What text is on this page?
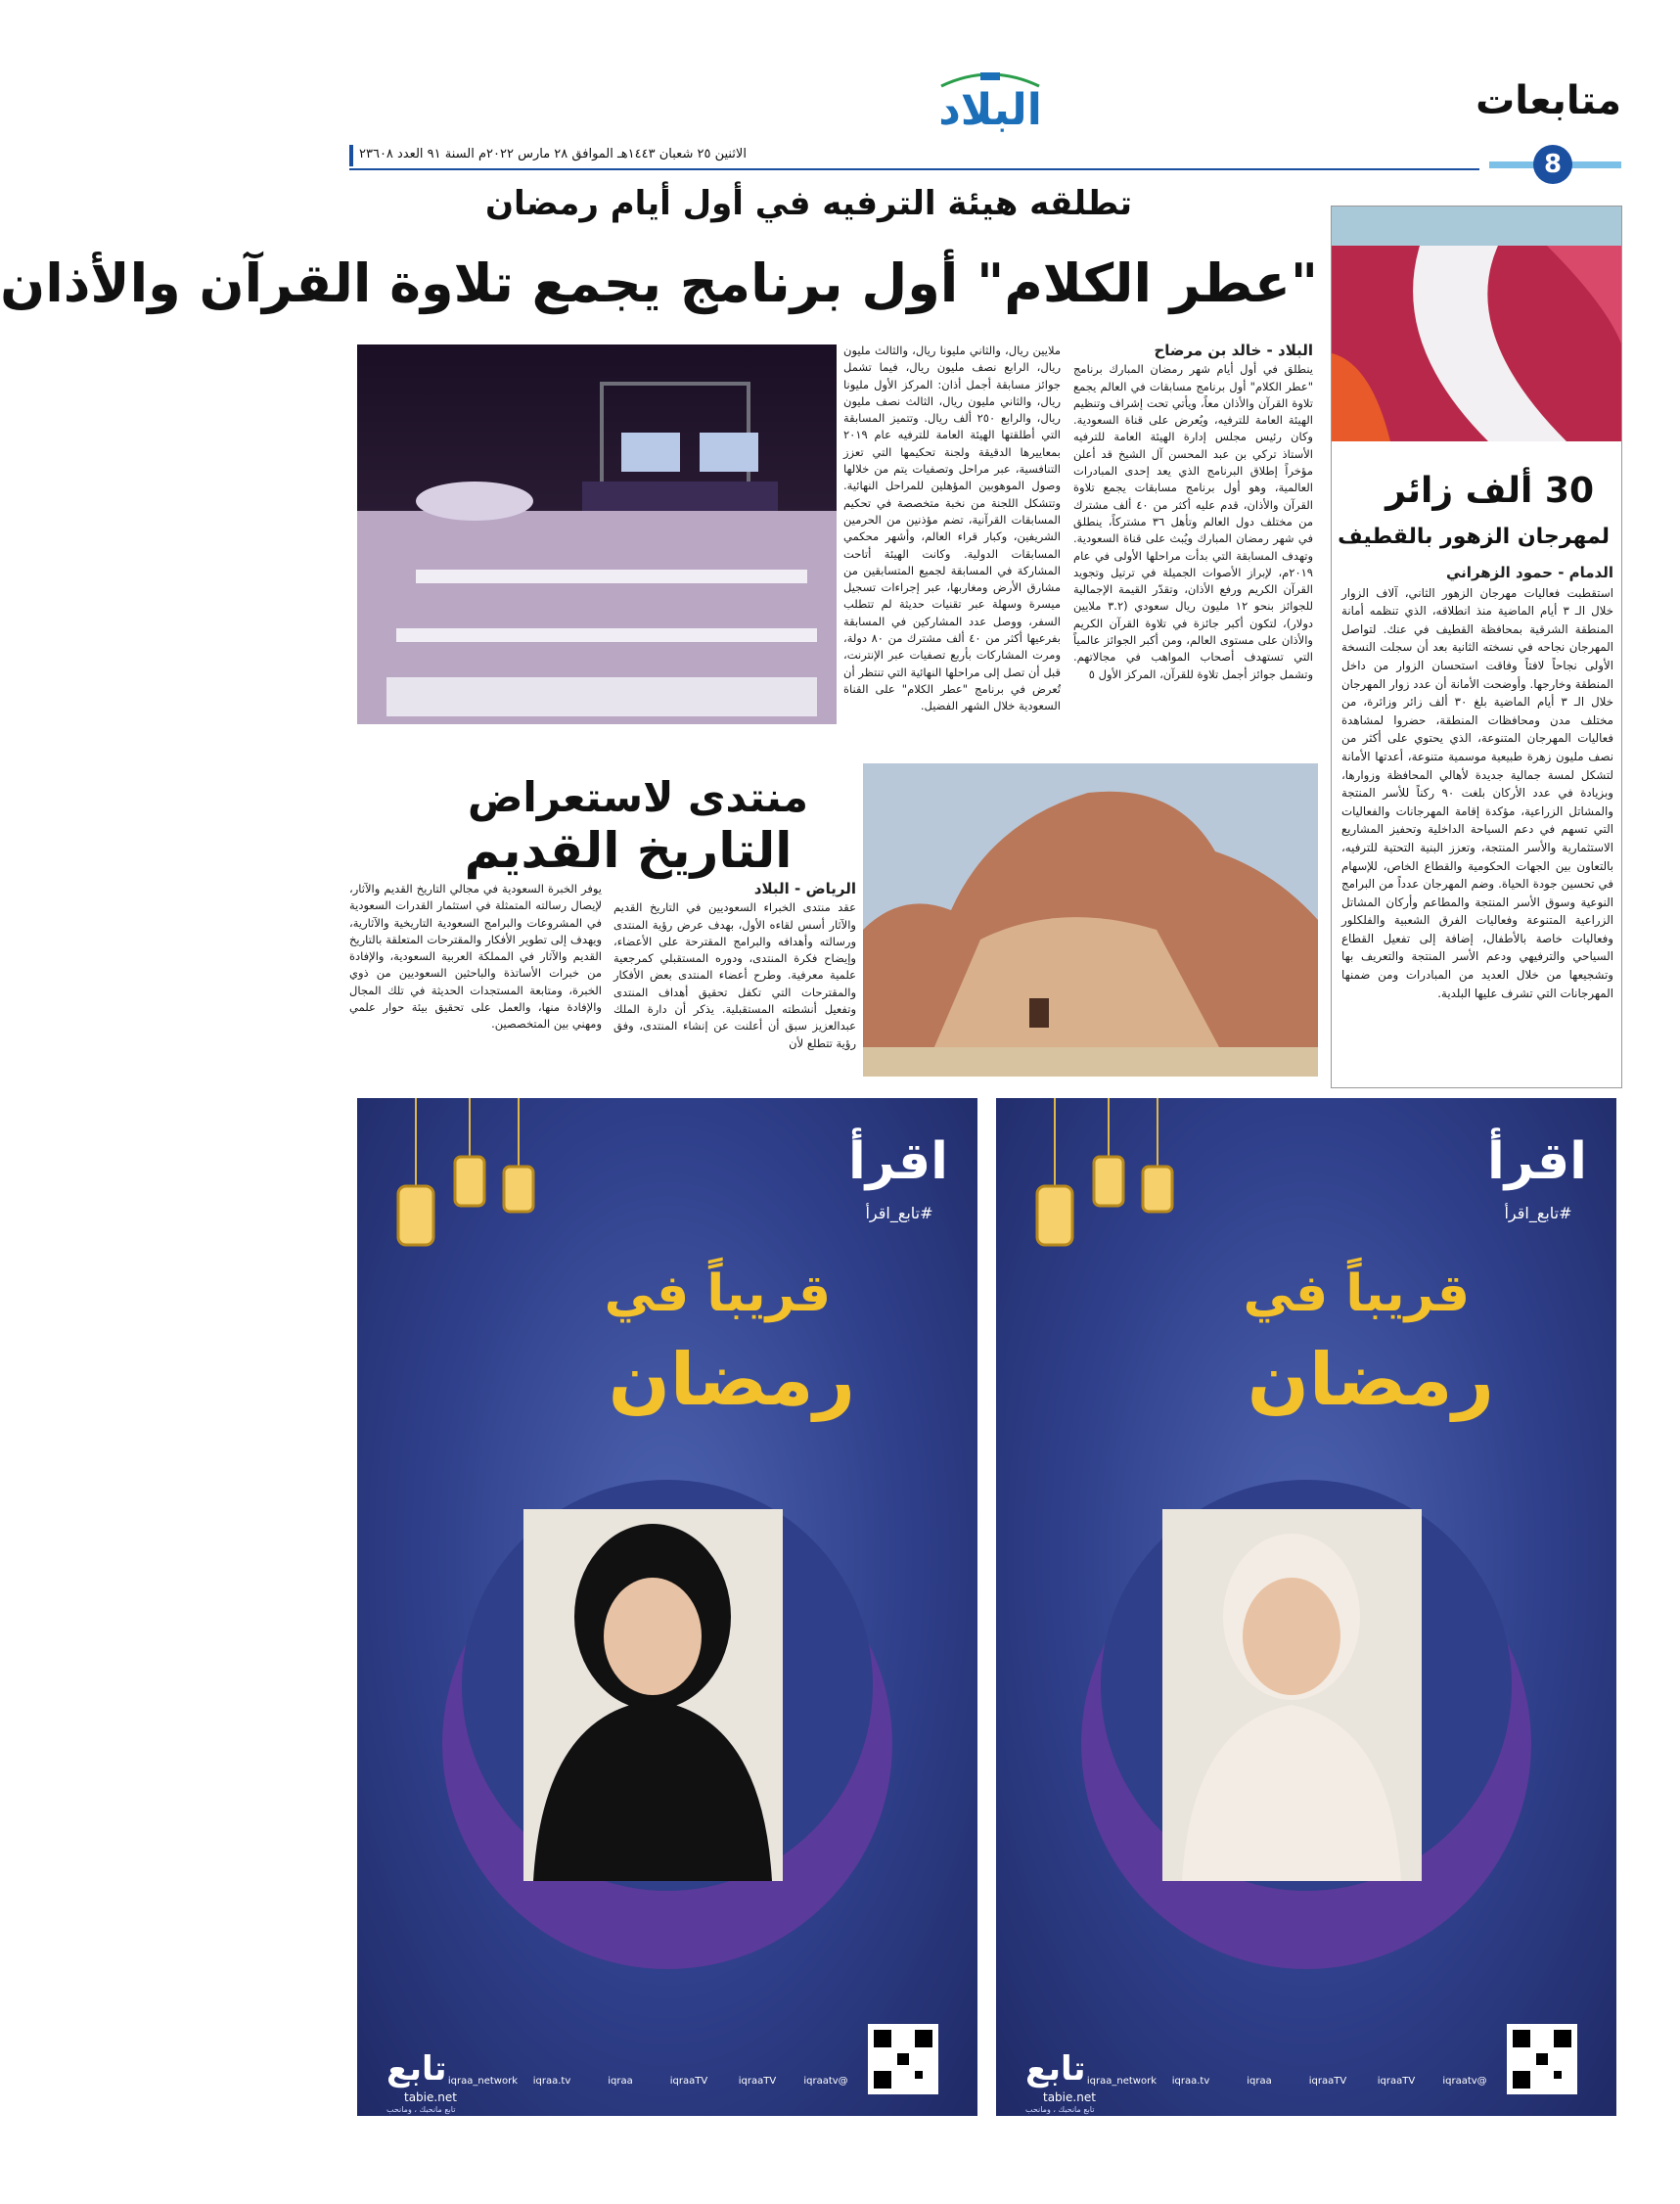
متابعات
8
البلاد
الاثنين ٢٥ شعبان ١٤٤٣هـ الموافق ٢٨ مارس ٢٠٢٢م السنة ٩١ العدد ٢٣٦٠٨
تطلقه هيئة الترفيه في أول أيام رمضان
"عطر الكلام" أول برنامج يجمع تلاوة القرآن والأذان
البلاد - خالد بن مرضاح
ينطلق في أول أيام شهر رمضان المبارك برنامج "عطر الكلام" أول برنامج مسابقات في العالم يجمع تلاوة القرآن والأذان معاً، ويأتي تحت إشراف وتنظيم الهيئة العامة للترفيه، ويُعرض على قناة السعودية. وكان رئيس مجلس إدارة الهيئة العامة للترفيه الأستاذ تركي بن عبد المحسن آل الشيخ قد أعلن مؤخراً إطلاق البرنامج الذي يعد إحدى المبادرات العالمية، وهو أول برنامج مسابقات يجمع تلاوة القرآن والأذان، قدم عليه أكثر من ٤٠ ألف مشترك من مختلف دول العالم وتأهل ٣٦ مشتركاً، ينطلق في شهر رمضان المبارك ويُبث على قناة السعودية. وتهدف المسابقة التي بدأت مراحلها الأولى في عام ٢٠١٩م، لإبراز الأصوات الجميلة في ترتيل وتجويد القرآن الكريم ورفع الأذان، وتقدّر القيمة الإجمالية للجوائز بنحو ١٢ مليون ريال سعودي (٣.٢ ملايين دولار)، لتكون أكبر جائزة في تلاوة القرآن الكريم والأذان على مستوى العالم، ومن أكبر الجوائز عالمياً التي تستهدف أصحاب المواهب في مجالاتهم. وتشمل جوائز أجمل تلاوة للقرآن، المركز الأول ٥
ملايين ريال، والثاني مليونا ريال، والثالث مليون ريال، الرابع نصف مليون ريال، فيما تشمل جوائز مسابقة أجمل أذان: المركز الأول مليونا ريال، والثاني مليون ريال، الثالث نصف مليون ريال، والرابع ٢٥٠ ألف ريال. وتتميز المسابقة التي أطلقتها الهيئة العامة للترفيه عام ٢٠١٩ بمعاييرها الدقيقة ولجنة تحكيمها التي تعزز التنافسية، عبر مراحل وتصفيات يتم من خلالها وصول الموهوبين المؤهلين للمراحل النهائية. وتتشكل اللجنة من نخبة متخصصة في تحكيم المسابقات القرآنية، تضم مؤذنين من الحرمين الشريفين، وكبار قراء العالم، وأشهر محكمي المسابقات الدولية. وكانت الهيئة أتاحت المشاركة في المسابقة لجميع المتسابقين من مشارق الأرض ومغاربها، عبر إجراءات تسجيل ميسرة وسهلة عبر تقنيات حديثة لم تتطلب السفر، ووصل عدد المشاركين في المسابقة بفرعيها أكثر من ٤٠ ألف مشترك من ٨٠ دولة، ومرت المشاركات بأربع تصفيات عبر الإنترنت، قبل أن تصل إلى مراحلها النهائية التي تنتظر أن تُعرض في برنامج "عطر الكلام" على القناة السعودية خلال الشهر الفضيل.
30 ألف زائر
لمهرجان الزهور بالقطيف
الدمام - حمود الزهراني
استقطبت فعاليات مهرجان الزهور الثاني، آلاف الزوار خلال الـ ٣ أيام الماضية منذ انطلاقه، الذي تنظمه أمانة المنطقة الشرقية بمحافظة القطيف في عنك. لتواصل المهرجان نجاحه في نسخته الثانية بعد أن سجلت النسخة الأولى نجاحاً لافتاً وفاقت استحسان الزوار من داخل المنطقة وخارجها. وأوضحت الأمانة أن عدد زوار المهرجان خلال الـ ٣ أيام الماضية بلغ ٣٠ ألف زائر وزائرة، من مختلف مدن ومحافظات المنطقة، حضروا لمشاهدة فعاليات المهرجان المتنوعة، الذي يحتوي على أكثر من نصف مليون زهرة طبيعية موسمية متنوعة، أعدتها الأمانة لتشكل لمسة جمالية جديدة لأهالي المحافظة وزوارها، وبزيادة في عدد الأركان بلغت ٩٠ ركناً للأسر المنتجة والمشاتل الزراعية، مؤكدة إقامة المهرجانات والفعاليات التي تسهم في دعم السياحة الداخلية وتحفيز المشاريع الاستثمارية والأسر المنتجة، وتعزز البنية التحتية للترفيه، بالتعاون بين الجهات الحكومية والقطاع الخاص، للإسهام في تحسين جودة الحياة. وضم المهرجان عدداً من البرامج النوعية وسوق الأسر المنتجة والمطاعم وأركان المشاتل الزراعية المتنوعة وفعاليات الفرق الشعبية والفلكلور وفعاليات خاصة بالأطفال، إضافة إلى تفعيل القطاع السياحي والترفيهي ودعم الأسر المنتجة والتعريف بها وتشجيعها من خلال العديد من المبادرات ومن ضمنها المهرجانات التي تشرف عليها البلدية.
منتدى لاستعراض
التاريخ القديم
الرياض - البلاد
عقد منتدى الخبراء السعوديين في التاريخ القديم والآثار أسس لقاءه الأول، بهدف عرض رؤية المنتدى ورسالته وأهدافه والبرامج المقترحة على الأعضاء، وإيضاح فكرة المنتدى، ودوره المستقبلي كمرجعية علمية معرفية. وطرح أعضاء المنتدى بعض الأفكار والمقترحات التي تكفل تحقيق أهداف المنتدى وتفعيل أنشطته المستقبلية. يذكر أن دارة الملك عبدالعزيز سبق أن أعلنت عن إنشاء المنتدى، وفق رؤية تتطلع لأن
يوفر الخبرة السعودية في مجالي التاريخ القديم والآثار، لإيصال رسالته المتمثلة في استثمار القدرات السعودية في المشروعات والبرامج السعودية التاريخية والآثارية، ويهدف إلى تطوير الأفكار والمقترحات المتعلقة بالتاريخ القديم والآثار في المملكة العربية السعودية، والإفادة من خبرات الأساتذة والباحثين السعوديين من ذوي الخبرة، ومتابعة المستجدات الحديثة في تلك المجال والإفادة منها، والعمل على تحقيق بيئة حوار علمي ومهني بين المتخصصين.
اقرأ
#تابع_اقرأ
قريباً في
رمضان
تابع
tabie.net
تابع مانحبك ، ومانحب
@iqraatv
iqraaTV
iqraaTV
iqraa
iqraa.tv
iqraa_network
اقرأ
#تابع_اقرأ
قريباً في
رمضان
تابع
tabie.net
تابع مانحبك ، ومانحب
@iqraatv
iqraaTV
iqraaTV
iqraa
iqraa.tv
iqraa_network
